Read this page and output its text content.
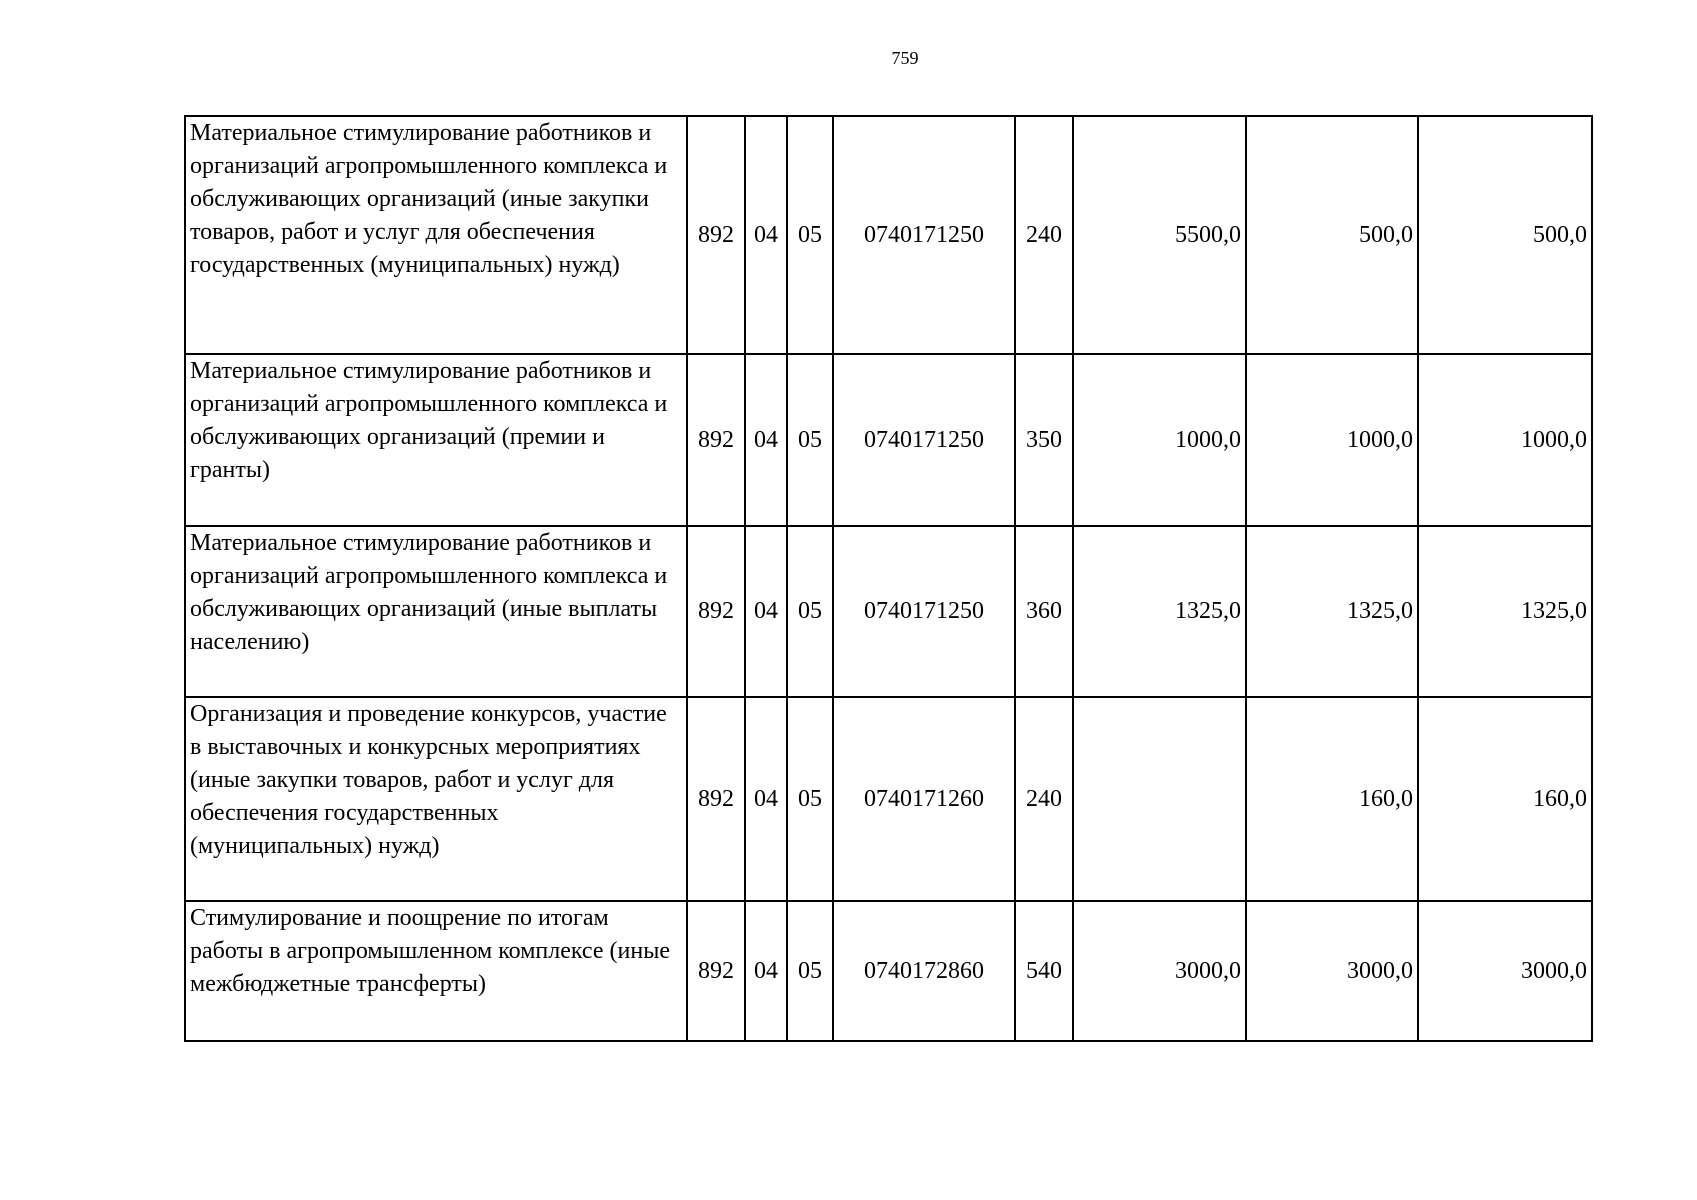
759
Материальное стимулирование работников и организаций агропромышленного комплекса и обслуживающих организаций (иные закупки товаров, работ и услуг для обеспечения государственных (муниципальных) нужд)	892	04	05	0740171250	240	5500,0	500,0	500,0
Материальное стимулирование работников и организаций агропромышленного комплекса и обслуживающих организаций (премии и гранты)	892	04	05	0740171250	350	1000,0	1000,0	1000,0
Материальное стимулирование работников и организаций агропромышленного комплекса и обслуживающих организаций (иные выплаты населению)	892	04	05	0740171250	360	1325,0	1325,0	1325,0
Организация и проведение конкурсов, участие в выставочных и конкурсных мероприятиях (иные закупки товаров, работ и услуг для обеспечения государственных (муниципальных) нужд)	892	04	05	0740171260	240		160,0	160,0
Стимулирование и поощрение по итогам работы в агропромышленном комплексе (иные межбюджетные трансферты)	892	04	05	0740172860	540	3000,0	3000,0	3000,0
